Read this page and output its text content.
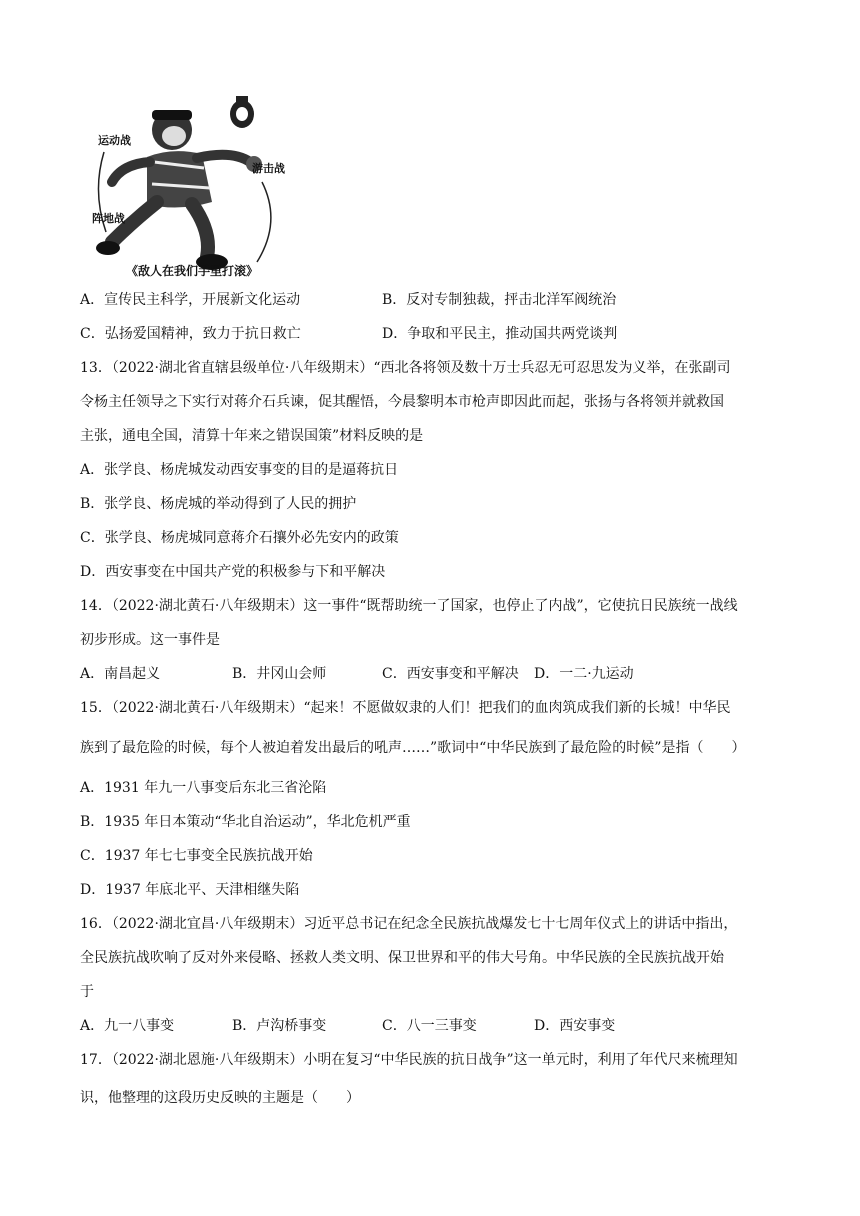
运动战
游击战
阵地战
《敌人在我们手里打滚》
A．宣传民主科学，开展新文化运动	B．反对专制独裁，抨击北洋军阀统治
C．弘扬爱国精神，致力于抗日救亡	D．争取和平民主，推动国共两党谈判
13．（2022·湖北省直辖县级单位·八年级期末）“西北各将领及数十万士兵忍无可忍思发为义举，在张副司
令杨主任领导之下实行对蒋介石兵谏，促其醒悟，今晨黎明本市枪声即因此而起，张扬与各将领并就救国
主张，通电全国，清算十年来之错误国策”材料反映的是
A．张学良、杨虎城发动西安事变的目的是逼蒋抗日
B．张学良、杨虎城的举动得到了人民的拥护
C．张学良、杨虎城同意蒋介石攘外必先安内的政策
D．西安事变在中国共产党的积极参与下和平解决
14．（2022·湖北黄石·八年级期末）这一事件“既帮助统一了国家，也停止了内战”，它使抗日民族统一战线
初步形成。这一事件是
A．南昌起义	B．井冈山会师	C．西安事变和平解决 D．一二·九运动
15．（2022·湖北黄石·八年级期末）“起来！不愿做奴隶的人们！把我们的血肉筑成我们新的长城！中华民
族到了最危险的时候，每个人被迫着发出最后的吼声……”歌词中“中华民族到了最危险的时候”是指（　　）
A．1931 年九一八事变后东北三省沦陷
B．1935 年日本策动“华北自治运动”，华北危机严重
C．1937 年七七事变全民族抗战开始
D．1937 年底北平、天津相继失陷
16．（2022·湖北宜昌·八年级期末）习近平总书记在纪念全民族抗战爆发七十七周年仪式上的讲话中指出，
全民族抗战吹响了反对外来侵略、拯救人类文明、保卫世界和平的伟大号角。中华民族的全民族抗战开始
于
A．九一八事变	B．卢沟桥事变	C．八一三事变	D．西安事变
17．（2022·湖北恩施·八年级期末）小明在复习“中华民族的抗日战争”这一单元时，利用了年代尺来梳理知
识，他整理的这段历史反映的主题是（　　）
